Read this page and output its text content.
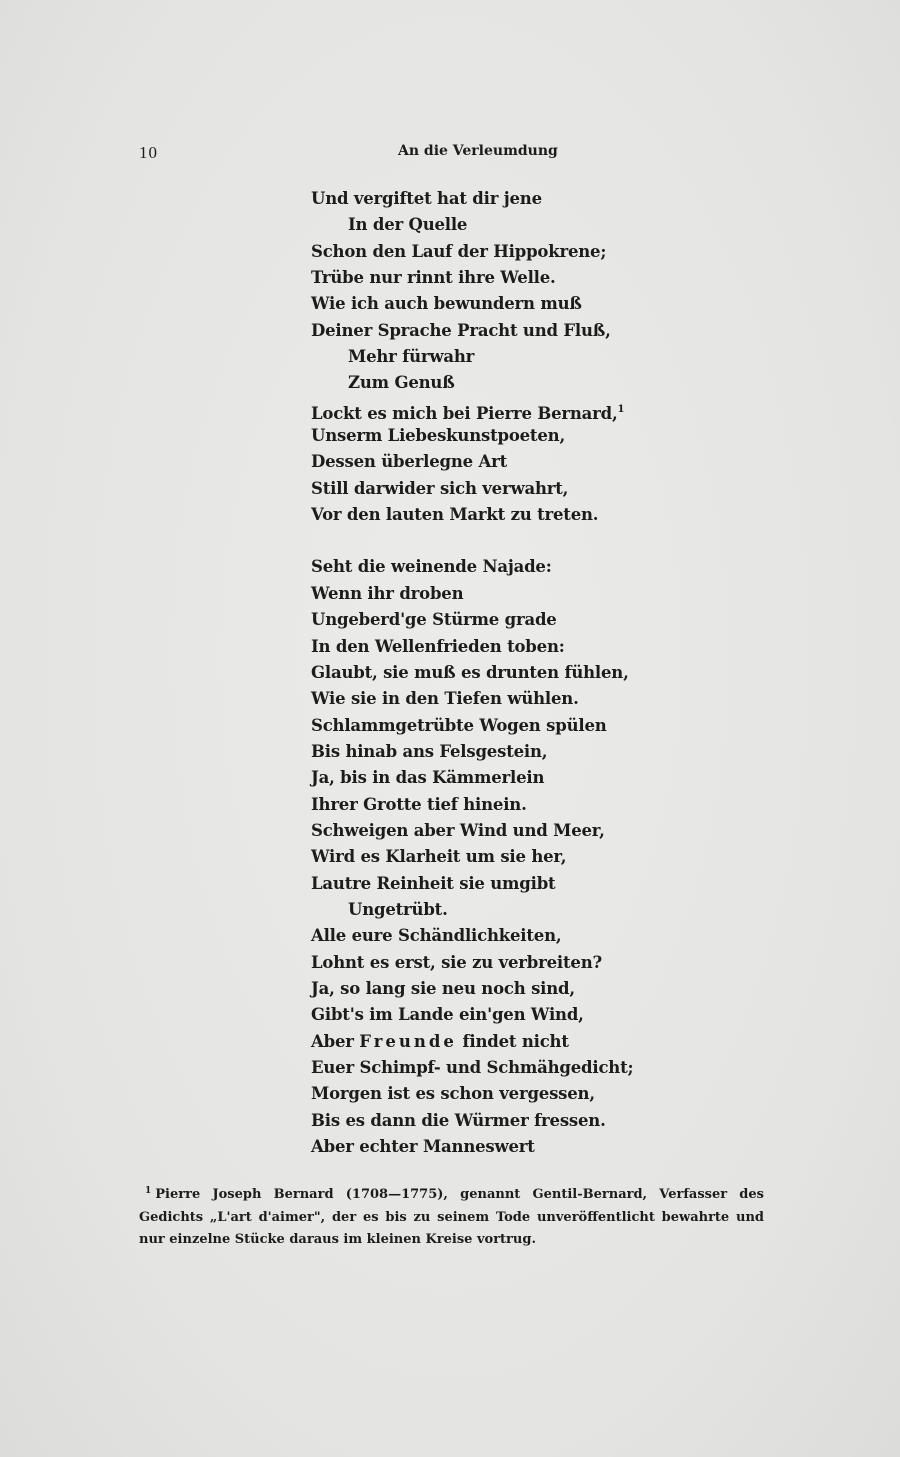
10	An die Verleumdung
Und vergiftet hat dir jene
In der Quelle
Schon den Lauf der Hippokrene;
Trübe nur rinnt ihre Welle.
Wie ich auch bewundern muß
Deiner Sprache Pracht und Fluß,
Mehr fürwahr
Zum Genuß
Lockt es mich bei Pierre Bernard,$^1$
Unserm Liebeskunstpoeten,
Dessen überlegne Art
Still darwider sich verwahrt,
Vor den lauten Markt zu treten.
Seht die weinende Najade:
Wenn ihr droben
Ungeberd'ge Stürme grade
In den Wellenfrieden toben:
Glaubt, sie muß es drunten fühlen,
Wie sie in den Tiefen wühlen.
Schlammgetrübte Wogen spülen
Bis hinab ans Felsgestein,
Ja, bis in das Kämmerlein
Ihrer Grotte tief hinein.
Schweigen aber Wind und Meer,
Wird es Klarheit um sie her,
Lautre Reinheit sie umgibt
Ungetrübt.
Alle eure Schändlichkeiten,
Lohnt es erst, sie zu verbreiten?
Ja, so lang sie neu noch sind,
Gibt's im Lande ein'gen Wind,
Aber Freunde findet nicht
Euer Schimpf- und Schmähgedicht;
Morgen ist es schon vergessen,
Bis es dann die Würmer fressen.
Aber echter Manneswert
$^1$ Pierre Joseph Bernard (1708—1775), genannt Gentil-Bernard, Verfasser des Gedichts „L'art d'aimer", der es bis zu seinem Tode unveröffentlicht bewahrte und nur einzelne Stücke daraus im kleinen Kreise vortrug.
